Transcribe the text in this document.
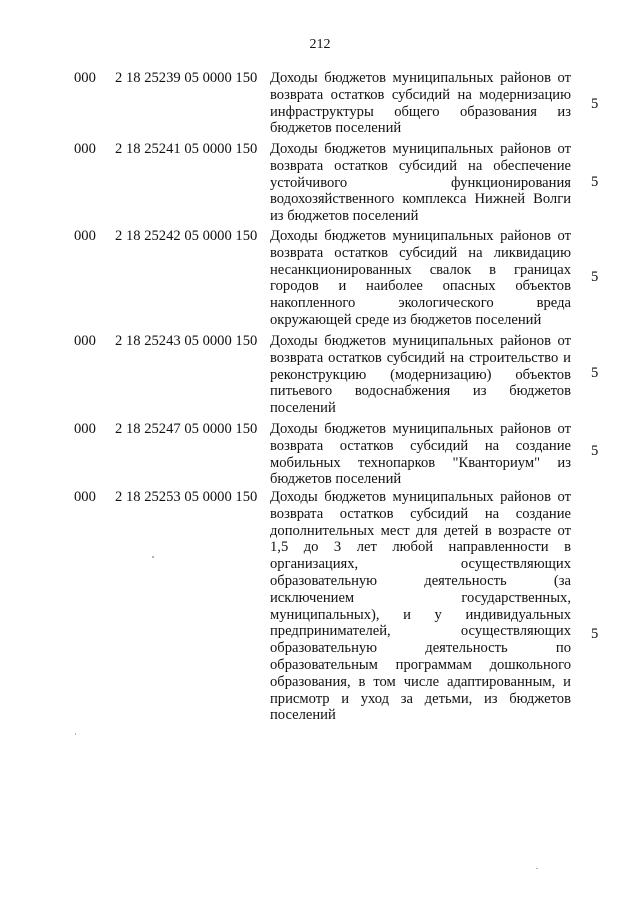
212
000 2 18 25239 05 0000 150 Доходы бюджетов муниципальных районов от возврата остатков субсидий на модернизацию инфраструктуры общего образования из бюджетов поселений
5
000 2 18 25241 05 0000 150 Доходы бюджетов муниципальных районов от возврата остатков субсидий на обеспечение устойчивого функционирования водохозяйственного комплекса Нижней Волги из бюджетов поселений
5
000 2 18 25242 05 0000 150 Доходы бюджетов муниципальных районов от возврата остатков субсидий на ликвидацию несанкционированных свалок в границах городов и наиболее опасных объектов накопленного экологического вреда окружающей среде из бюджетов поселений
5
000 2 18 25243 05 0000 150 Доходы бюджетов муниципальных районов от возврата остатков субсидий на строительство и реконструкцию (модернизацию) объектов питьевого водоснабжения из бюджетов поселений
5
000 2 18 25247 05 0000 150 Доходы бюджетов муниципальных районов от возврата остатков субсидий на создание мобильных технопарков "Кванториум" из бюджетов поселений
5
000 2 18 25253 05 0000 150 Доходы бюджетов муниципальных районов от возврата остатков субсидий на создание дополнительных мест для детей в возрасте от 1,5 до 3 лет любой направленности в организациях, осуществляющих образовательную деятельность (за исключением государственных, муниципальных), и у индивидуальных предпринимателей, осуществляющих образовательную деятельность по образовательным программам дошкольного образования, в том числе адаптированным, и присмотр и уход за детьми, из бюджетов поселений
5
